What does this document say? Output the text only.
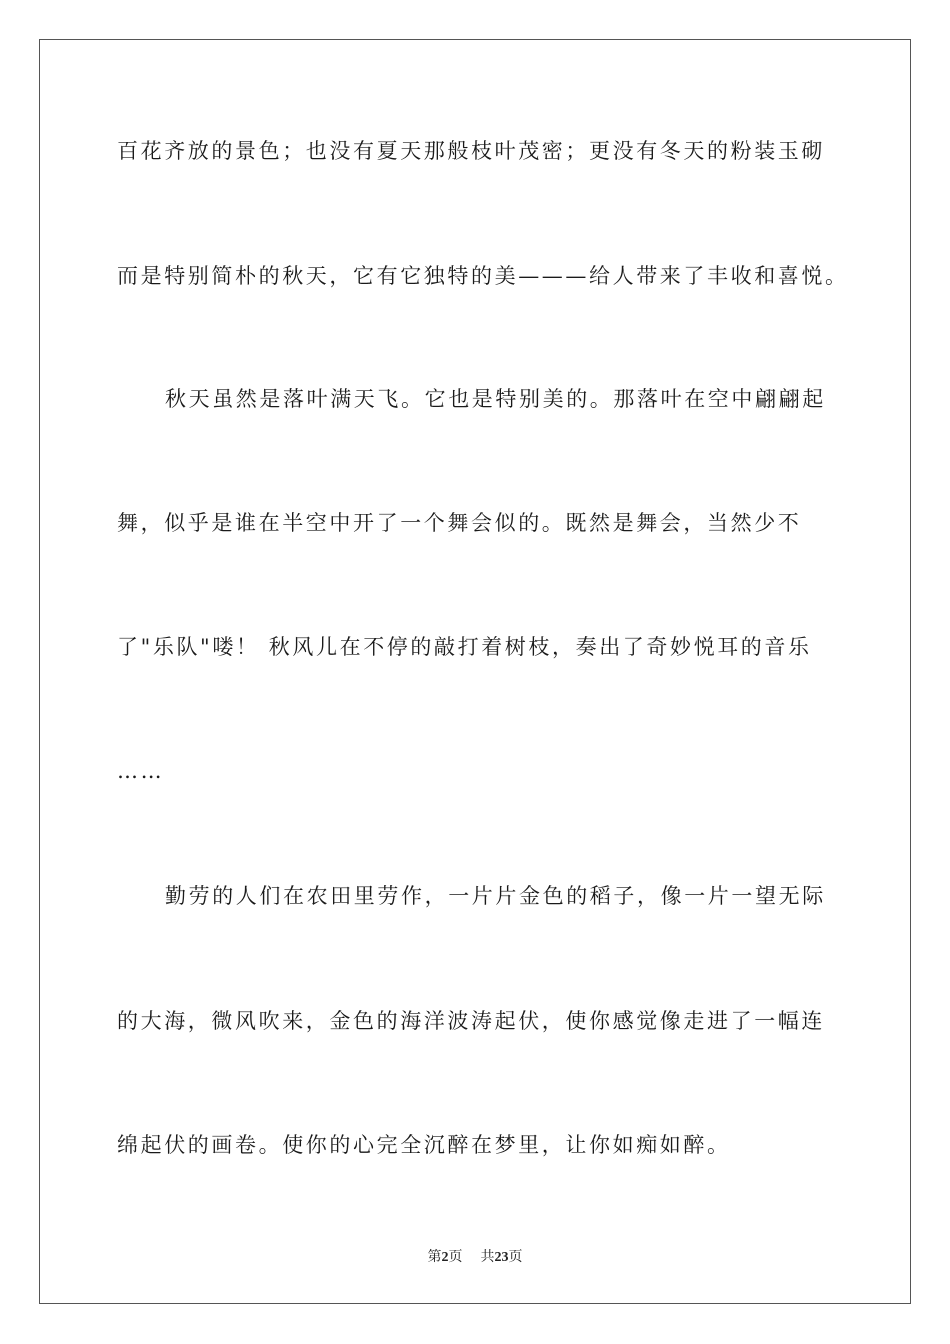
百花齐放的景色；也没有夏天那般枝叶茂密；更没有冬天的粉装玉砌
而是特别简朴的秋天，它有它独特的美———给人带来了丰收和喜悦。
秋天虽然是落叶满天飞。它也是特别美的。那落叶在空中翩翩起
舞，似乎是谁在半空中开了一个舞会似的。既然是舞会，当然少不
了"乐队"喽！ 秋风儿在不停的敲打着树枝，奏出了奇妙悦耳的音乐
……
勤劳的人们在农田里劳作，一片片金色的稻子，像一片一望无际
的大海，微风吹来，金色的海洋波涛起伏，使你感觉像走进了一幅连
绵起伏的画卷。使你的心完全沉醉在梦里，让你如痴如醉。
第2页 共23页
